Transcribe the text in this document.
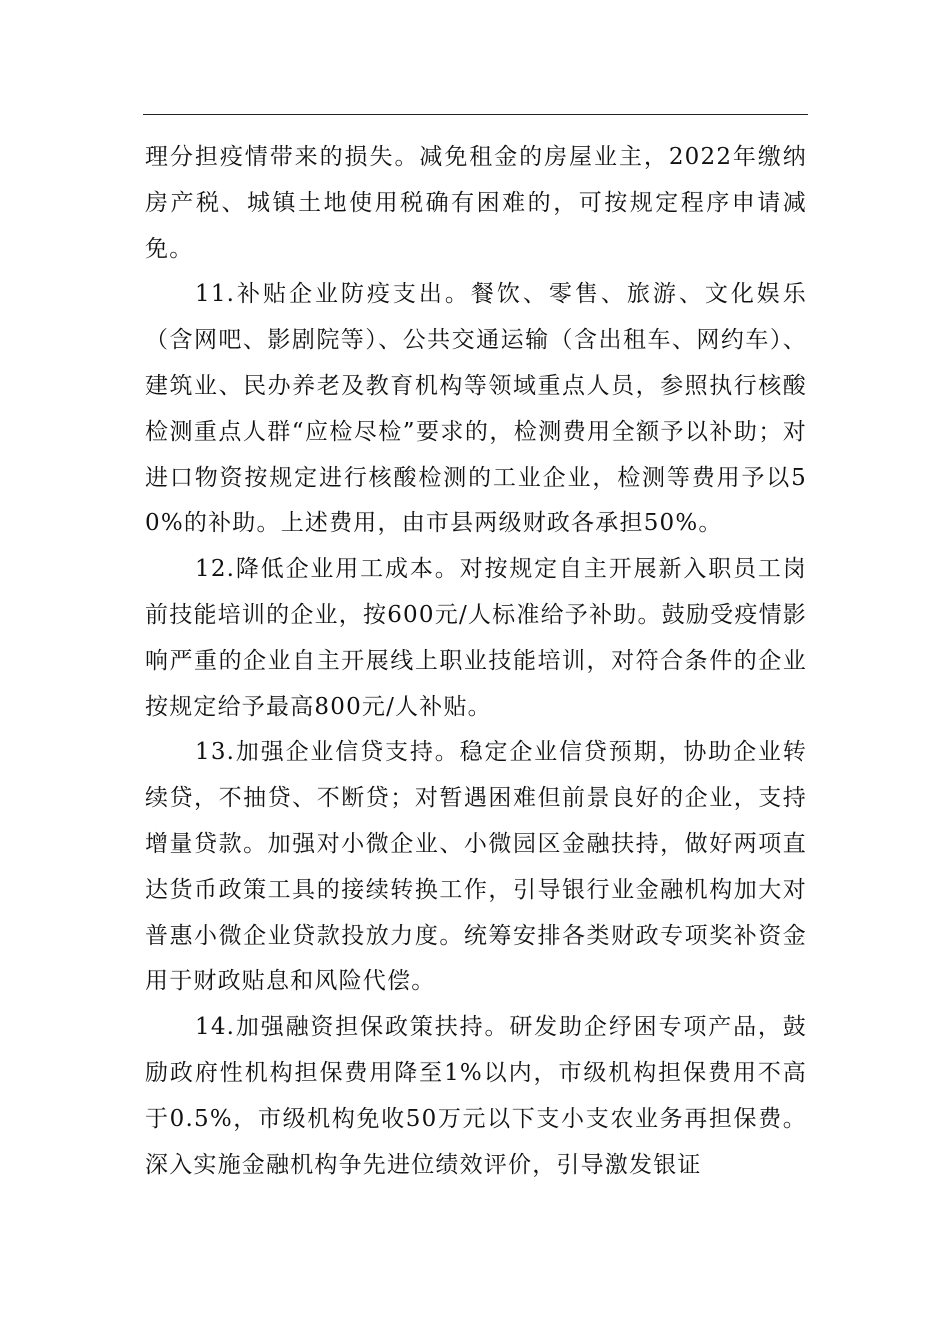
理分担疫情带来的损失。减免租金的房屋业主，2022年缴纳房产税、城镇土地使用税确有困难的，可按规定程序申请减免。

11.补贴企业防疫支出。餐饮、零售、旅游、文化娱乐（含网吧、影剧院等）、公共交通运输（含出租车、网约车）、建筑业、民办养老及教育机构等领域重点人员，参照执行核酸检测重点人群“应检尽检”要求的，检测费用全额予以补助；对进口物资按规定进行核酸检测的工业企业，检测等费用予以50%的补助。上述费用，由市县两级财政各承担50%。

12.降低企业用工成本。对按规定自主开展新入职员工岗前技能培训的企业，按600元/人标准给予补助。鼓励受疫情影响严重的企业自主开展线上职业技能培训，对符合条件的企业按规定给予最高800元/人补贴。

13.加强企业信贷支持。稳定企业信贷预期，协助企业转续贷，不抽贷、不断贷；对暂遇困难但前景良好的企业，支持增量贷款。加强对小微企业、小微园区金融扶持，做好两项直达货币政策工具的接续转换工作，引导银行业金融机构加大对普惠小微企业贷款投放力度。统筹安排各类财政专项奖补资金用于财政贴息和风险代偿。

14.加强融资担保政策扶持。研发助企纾困专项产品，鼓励政府性机构担保费用降至1%以内，市级机构担保费用不高于0.5%，市级机构免收50万元以下支小支农业务再担保费。深入实施金融机构争先进位绩效评价，引导激发银证
